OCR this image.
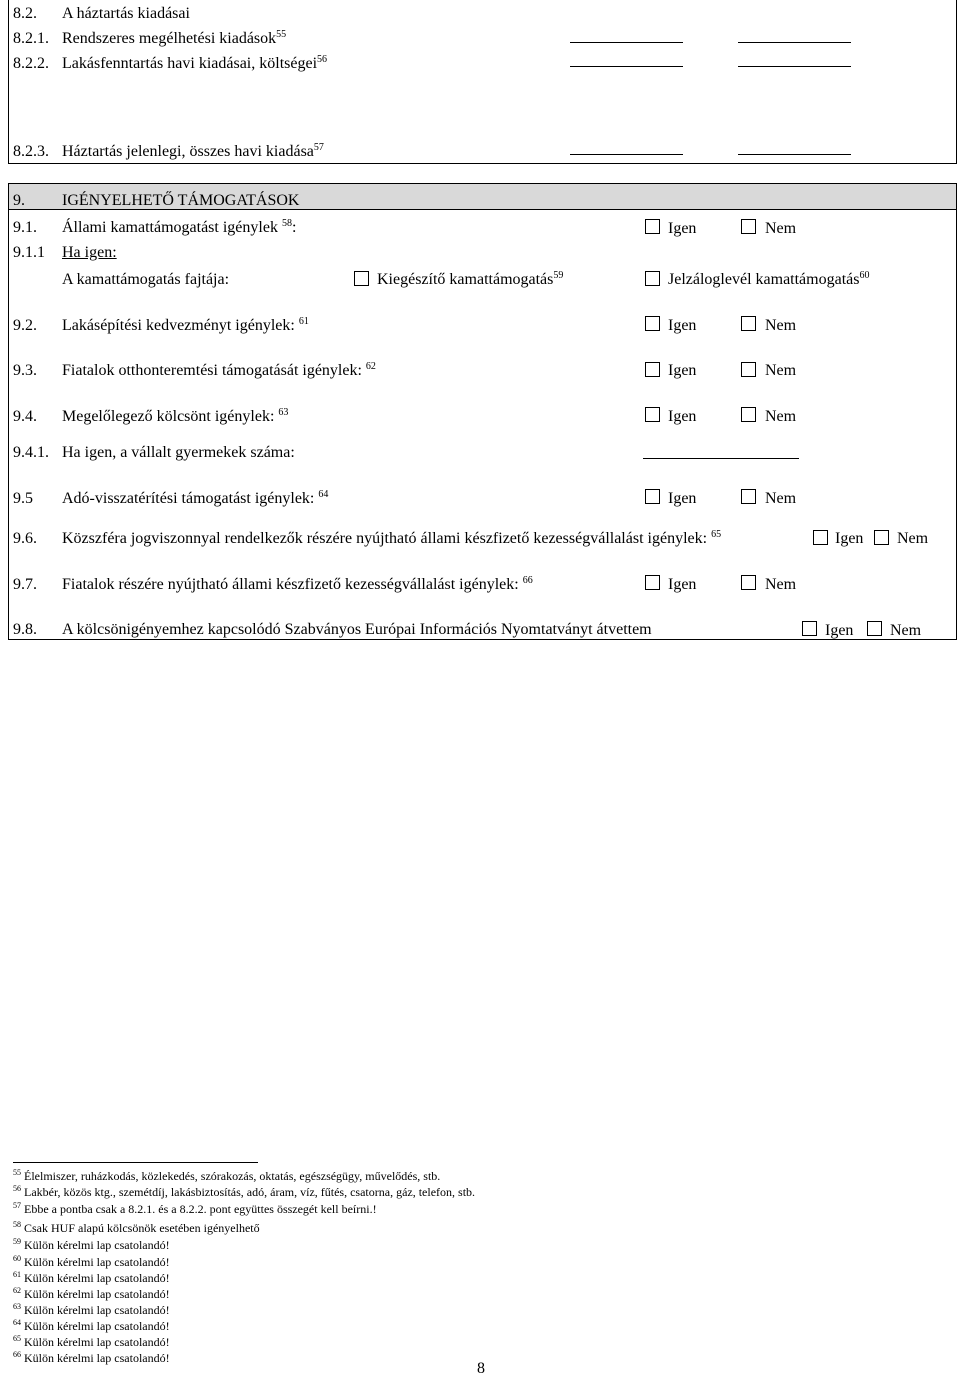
8.2. A háztartás kiadásai
8.2.1. Rendszeres megélhetési kiadások$^{55}$
8.2.2. Lakásfenntartás havi kiadásai, költségei$^{56}$
8.2.3. Háztartás jelenlegi, összes havi kiadása$^{57}$
9. IGÉNYELHETŐ TÁMOGATÁSOK
9.1. Állami kamattámogatást igénylek $^{58}$:	Igen	Nem
9.1.1 Ha igen:
A kamattámogatás fajtája:	Kiegészítő kamattámogatás$^{59}$	Jelzáloglevél kamattámogatás$^{60}$
9.2. Lakásépítési kedvezményt igénylek: $^{61}$	Igen	Nem
9.3. Fiatalok otthonteremtési támogatását igénylek: $^{62}$	Igen	Nem
9.4. Megelőlegező kölcsönt igénylek: $^{63}$	Igen	Nem
9.4.1. Ha igen, a vállalt gyermekek száma:
9.5 Adó-visszatérítési támogatást igénylek: $^{64}$	Igen	Nem
9.6. Közszféra jogviszonnyal rendelkezők részére nyújtható állami készfizető kezességvállalást igénylek: $^{65}$	Igen Nem
9.7. Fiatalok részére nyújtható állami készfizető kezességvállalást igénylek: $^{66}$	Igen	Nem
9.8. A kölcsönigényemhez kapcsolódó Szabványos Európai Információs Nyomtatványt átvettem	Igen Nem
$^{55}$ Élelmiszer, ruházkodás, közlekedés, szórakozás, oktatás, egészségügy, művelődés, stb.
$^{56}$ Lakbér, közös ktg., szemétdíj, lakásbiztosítás, adó, áram, víz, fűtés, csatorna, gáz, telefon, stb.
$^{57}$ Ebbe a pontba csak a 8.2.1. és a 8.2.2. pont együttes összegét kell beírni.!
$^{58}$ Csak HUF alapú kölcsönök esetében igényelhető
$^{59}$ Külön kérelmi lap csatolandó!
$^{60}$ Külön kérelmi lap csatolandó!
$^{61}$ Külön kérelmi lap csatolandó!
$^{62}$ Külön kérelmi lap csatolandó!
$^{63}$ Külön kérelmi lap csatolandó!
$^{64}$ Külön kérelmi lap csatolandó!
$^{65}$ Külön kérelmi lap csatolandó!
$^{66}$ Külön kérelmi lap csatolandó!
8
